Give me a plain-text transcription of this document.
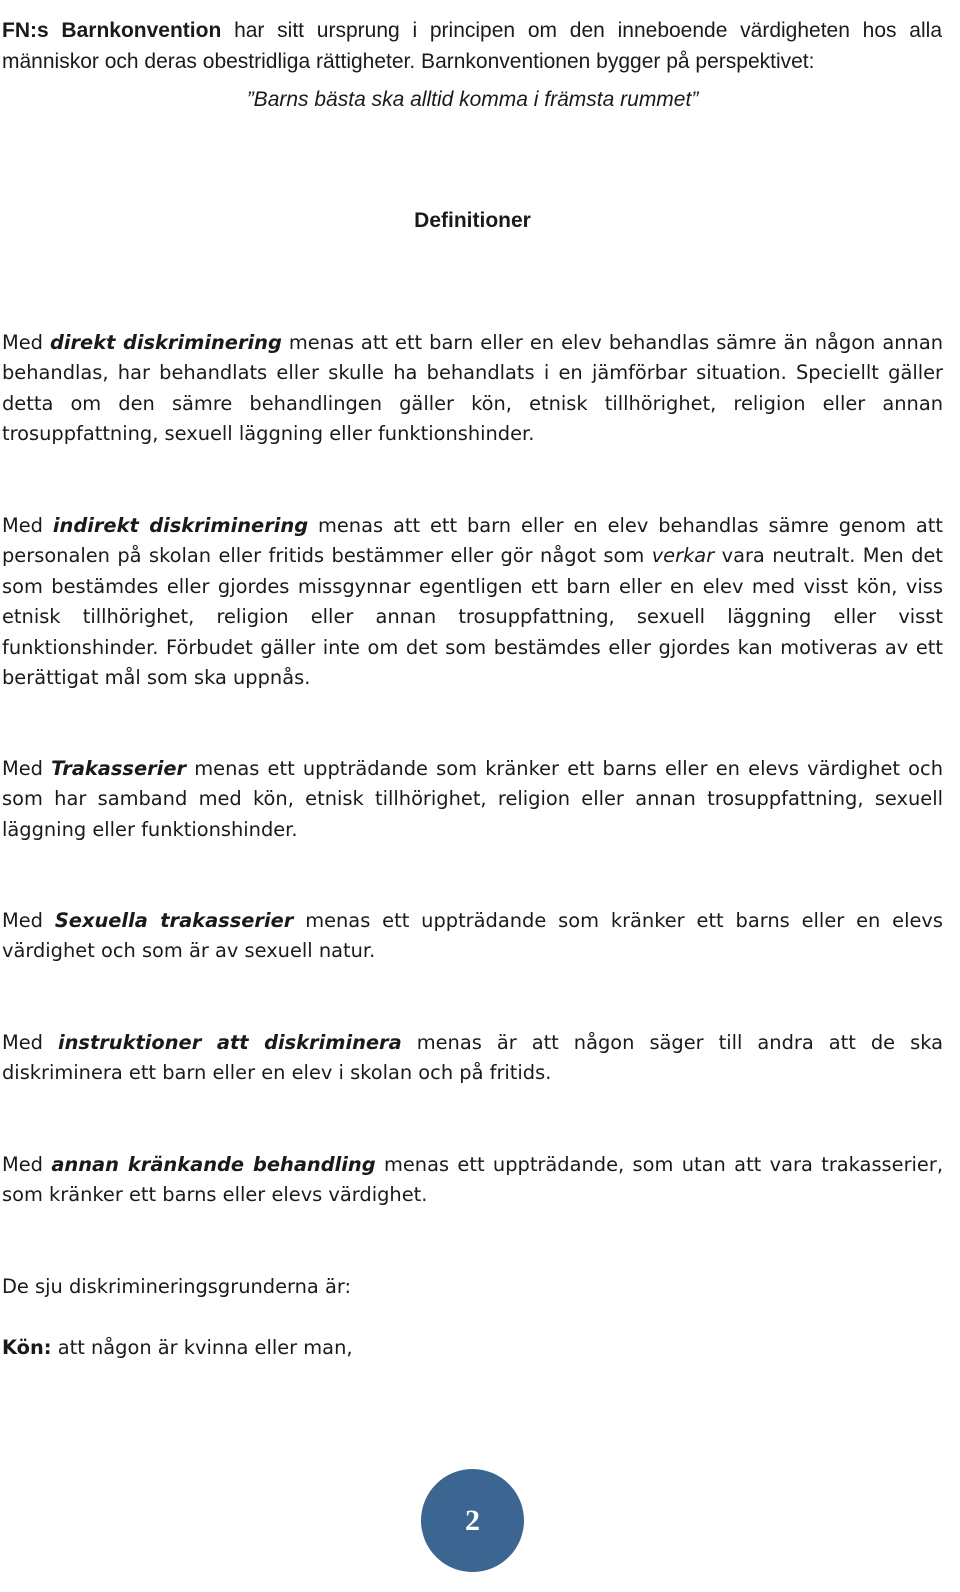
FN:s Barnkonvention har sitt ursprung i principen om den inneboende värdigheten hos alla människor och deras obestridliga rättigheter. Barnkonventionen bygger på perspektivet:

”Barns bästa ska alltid komma i främsta rummet”
Definitioner

Med direkt diskriminering menas att ett barn eller en elev behandlas sämre än någon annan behandlas, har behandlats eller skulle ha behandlats i en jämförbar situation. Speciellt gäller detta om den sämre behandlingen gäller kön, etnisk tillhörighet, religion eller annan trosuppfattning, sexuell läggning eller funktionshinder.

Med indirekt diskriminering menas att ett barn eller en elev behandlas sämre genom att personalen på skolan eller fritids bestämmer eller gör något som verkar vara neutralt. Men det som bestämdes eller gjordes missgynnar egentligen ett barn eller en elev med visst kön, viss etnisk tillhörighet, religion eller annan trosuppfattning, sexuell läggning eller visst funktionshinder. Förbudet gäller inte om det som bestämdes eller gjordes kan motiveras av ett berättigat mål som ska uppnås.

Med Trakasserier menas ett uppträdande som kränker ett barns eller en elevs värdighet och som har samband med kön, etnisk tillhörighet, religion eller annan trosuppfattning, sexuell läggning eller funktionshinder.

Med Sexuella trakasserier menas ett uppträdande som kränker ett barns eller en elevs värdighet och som är av sexuell natur.

Med instruktioner att diskriminera menas är att någon säger till andra att de ska diskriminera ett barn eller en elev i skolan och på fritids.

Med annan kränkande behandling menas ett uppträdande, som utan att vara trakasserier, som kränker ett barns eller elevs värdighet.

De sju diskrimineringsgrunderna är:

Kön: att någon är kvinna eller man,

2
